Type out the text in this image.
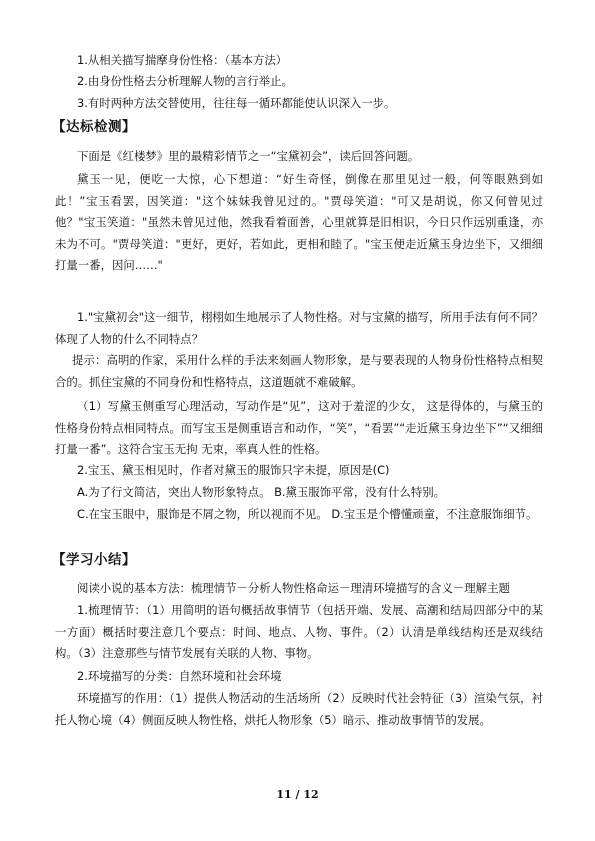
1.从相关描写揣摩身份性格：（基本方法）

2.由身份性格去分析理解人物的言行举止。

3.有时两种方法交替使用，往往每一循环都能使认识深入一步。

【达标检测】

下面是《红楼梦》里的最精彩情节之一“宝黛初会”，读后回答问题。

黛玉一见，便吃一大惊，心下想道：“好生奇怪，倒像在那里见过一般，何等眼熟到如此！”宝玉看罢，因笑道："这个妹妹我曾见过的。"贾母笑道："可又是胡说，你又何曾见过他？"宝玉笑道："虽然未曾见过他，然我看着面善，心里就算是旧相识，今日只作远别重逢，亦未为不可。"贾母笑道："更好，更好，若如此，更相和睦了。"宝玉便走近黛玉身边坐下，又细细打量一番，因问……"

1."宝黛初会"这一细节，栩栩如生地展示了人物性格。对与宝黛的描写，所用手法有何不同？体现了人物的什么不同特点？

提示：高明的作家，采用什么样的手法来刻画人物形象，是与要表现的人物身份性格特点相契合的。抓住宝黛的不同身份和性格特点，这道题就不难破解。

（1）写黛玉侧重写心理活动，写动作是“见”，这对于羞涩的少女， 这是得体的，与黛玉的性格身份特点相同特点。而写宝玉是侧重语言和动作，“笑”，“看罢”“走近黛玉身边坐下”“又细细打量一番”。这符合宝玉无拘 无束，率真人性的性格。

2.宝玉、黛玉相见时，作者对黛玉的服饰只字未提，原因是(C)

A.为了行文简洁，突出人物形象特点。 B.黛玉服饰平常，没有什么特别。

C.在宝玉眼中，服饰是不屑之物，所以视而不见。 D.宝玉是个懵懂顽童，不注意服饰细节。

【学习小结】

阅读小说的基本方法：梳理情节－分析人物性格命运－理清环境描写的含义－理解主题

1.梳理情节：（1）用简明的语句概括故事情节（包括开端、发展、高潮和结局四部分中的某一方面）概括时要注意几个要点：时间、地点、人物、事件。（2）认清是单线结构还是双线结构。（3）注意那些与情节发展有关联的人物、事物。

2.环境描写的分类：自然环境和社会环境

环境描写的作用：（1）提供人物活动的生活场所（2）反映时代社会特征（3）渲染气氛，衬托人物心境（4）侧面反映人物性格，烘托人物形象（5）暗示、推动故事情节的发展。

11 / 12
